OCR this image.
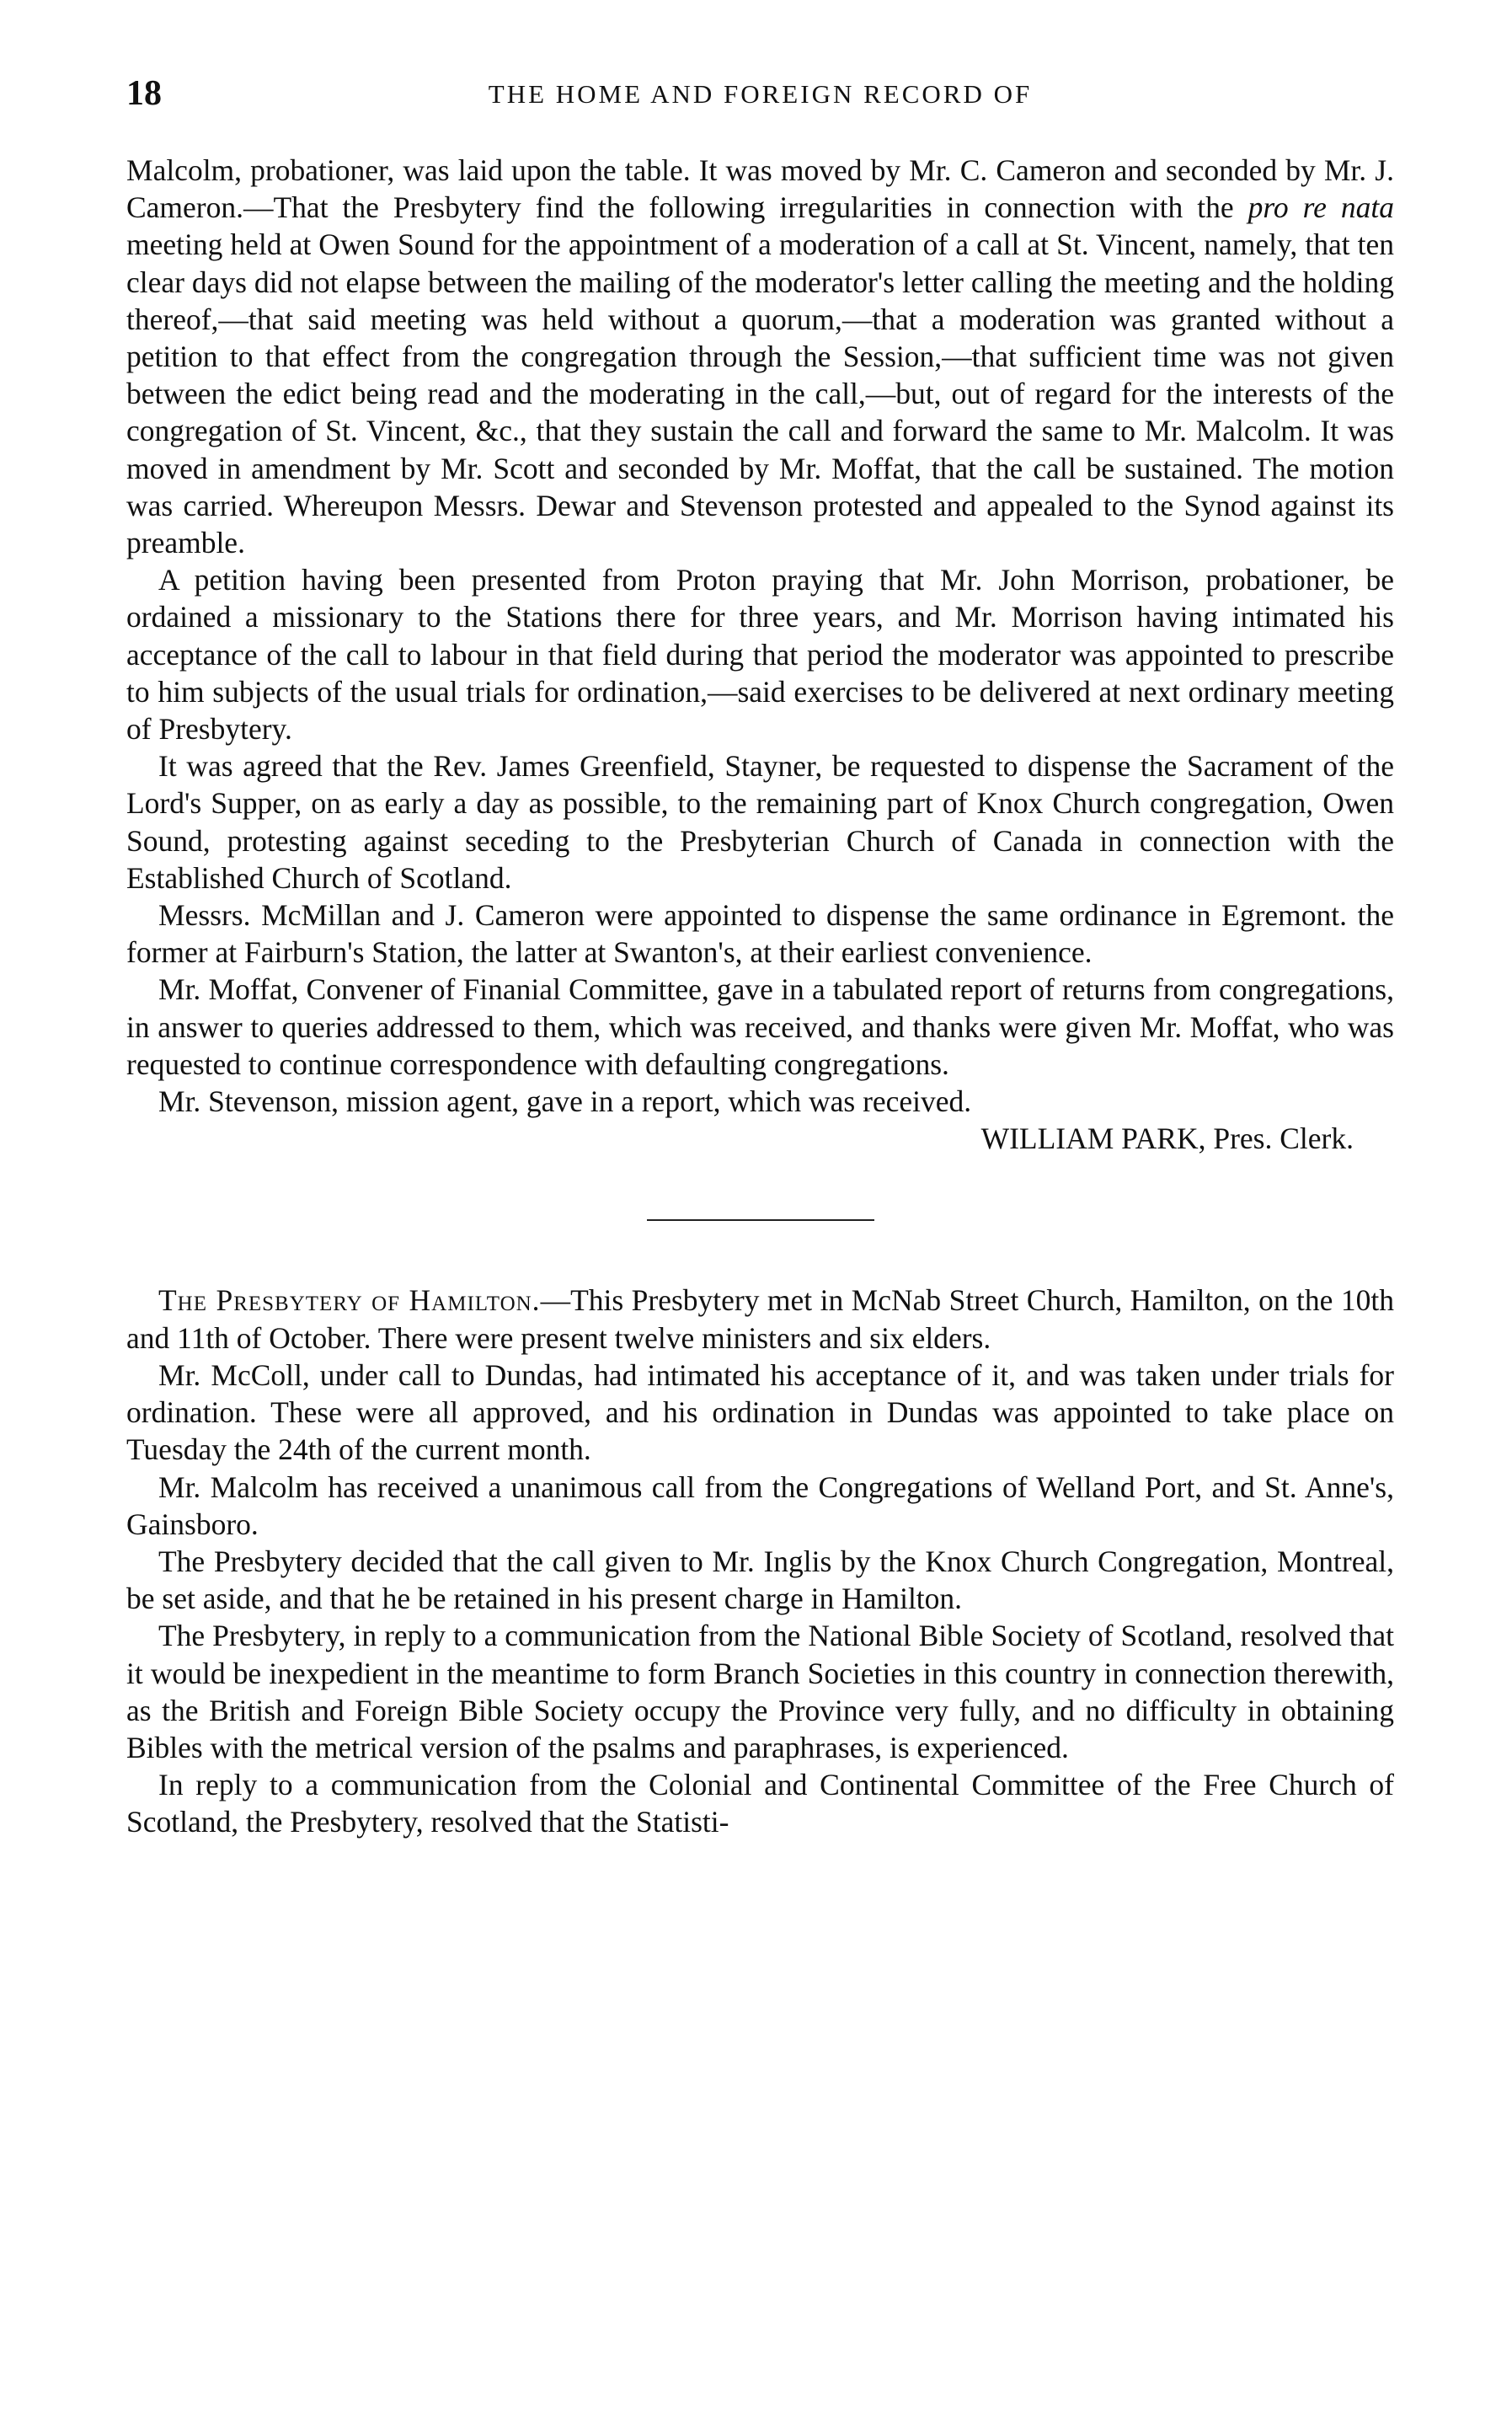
18	THE HOME AND FOREIGN RECORD OF

Malcolm, probationer, was laid upon the table. It was moved by Mr. C. Cameron and seconded by Mr. J. Cameron.—That the Presbytery find the following irregularities in connection with the pro re nata meeting held at Owen Sound for the appointment of a moderation of a call at St. Vincent, namely, that ten clear days did not elapse between the mailing of the moderator's letter calling the meeting and the holding thereof,—that said meeting was held without a quorum,—that a moderation was granted without a petition to that effect from the congregation through the Session,—that sufficient time was not given between the edict being read and the moderating in the call,—but, out of regard for the interests of the congregation of St. Vincent, &c., that they sustain the call and forward the same to Mr. Malcolm. It was moved in amendment by Mr. Scott and seconded by Mr. Moffat, that the call be sustained. The motion was carried. Whereupon Messrs. Dewar and Stevenson protested and appealed to the Synod against its preamble.

A petition having been presented from Proton praying that Mr. John Morrison, probationer, be ordained a missionary to the Stations there for three years, and Mr. Morrison having intimated his acceptance of the call to labour in that field during that period the moderator was appointed to prescribe to him subjects of the usual trials for ordination,—said exercises to be delivered at next ordinary meeting of Presbytery.

It was agreed that the Rev. James Greenfield, Stayner, be requested to dispense the Sacrament of the Lord's Supper, on as early a day as possible, to the remaining part of Knox Church congregation, Owen Sound, protesting against seceding to the Presbyterian Church of Canada in connection with the Established Church of Scotland.

Messrs. McMillan and J. Cameron were appointed to dispense the same ordinance in Egremont. the former at Fairburn's Station, the latter at Swanton's, at their earliest convenience.

Mr. Moffat, Convener of Finanial Committee, gave in a tabulated report of returns from congregations, in answer to queries addressed to them, which was received, and thanks were given Mr. Moffat, who was requested to continue correspondence with defaulting congregations.

Mr. Stevenson, mission agent, gave in a report, which was received.

WILLIAM PARK, Pres. Clerk.

The Presbytery of Hamilton.—This Presbytery met in McNab Street Church, Hamilton, on the 10th and 11th of October. There were present twelve ministers and six elders.

Mr. McColl, under call to Dundas, had intimated his acceptance of it, and was taken under trials for ordination. These were all approved, and his ordination in Dundas was appointed to take place on Tuesday the 24th of the current month.

Mr. Malcolm has received a unanimous call from the Congregations of Welland Port, and St. Anne's, Gainsboro.

The Presbytery decided that the call given to Mr. Inglis by the Knox Church Congregation, Montreal, be set aside, and that he be retained in his present charge in Hamilton.

The Presbytery, in reply to a communication from the National Bible Society of Scotland, resolved that it would be inexpedient in the meantime to form Branch Societies in this country in connection therewith, as the British and Foreign Bible Society occupy the Province very fully, and no difficulty in obtaining Bibles with the metrical version of the psalms and paraphrases, is experienced.

In reply to a communication from the Colonial and Continental Committee of the Free Church of Scotland, the Presbytery, resolved that the Statisti-
